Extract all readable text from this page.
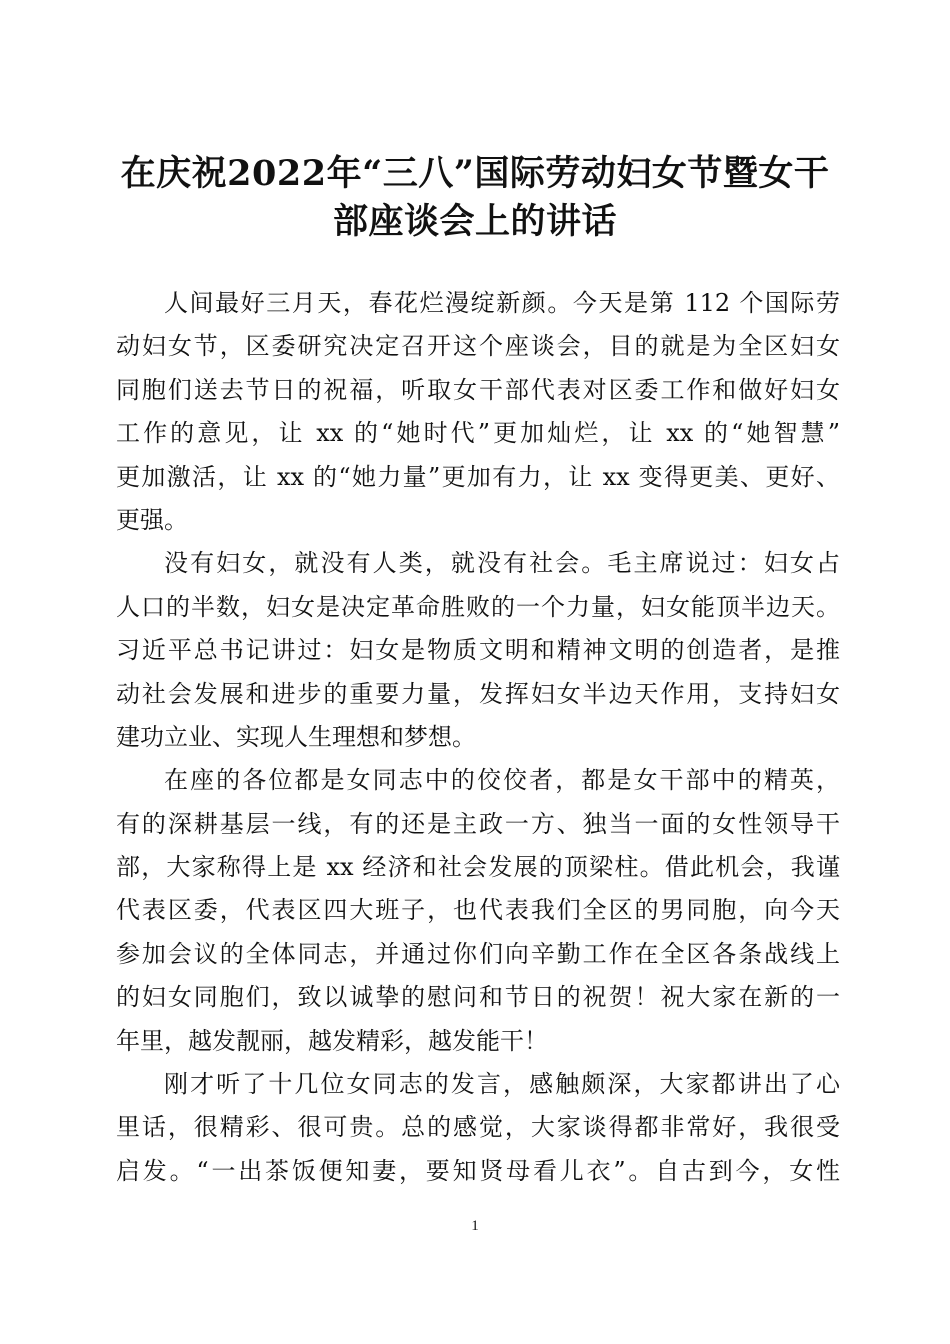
在庆祝2022年“三八”国际劳动妇女节暨女干
部座谈会上的讲话
人间最好三月天，春花烂漫绽新颜。今天是第 112 个国际劳
动妇女节，区委研究决定召开这个座谈会，目的就是为全区妇女
同胞们送去节日的祝福，听取女干部代表对区委工作和做好妇女
工作的意见，让 xx 的“她时代”更加灿烂，让 xx 的“她智慧”
更加激活，让 xx 的“她力量”更加有力，让 xx 变得更美、更好、
更强。
没有妇女，就没有人类，就没有社会。毛主席说过：妇女占
人口的半数，妇女是决定革命胜败的一个力量，妇女能顶半边天。
习近平总书记讲过：妇女是物质文明和精神文明的创造者，是推
动社会发展和进步的重要力量，发挥妇女半边天作用，支持妇女
建功立业、实现人生理想和梦想。
在座的各位都是女同志中的佼佼者，都是女干部中的精英，
有的深耕基层一线，有的还是主政一方、独当一面的女性领导干
部，大家称得上是 xx 经济和社会发展的顶梁柱。借此机会，我谨
代表区委，代表区四大班子，也代表我们全区的男同胞，向今天
参加会议的全体同志，并通过你们向辛勤工作在全区各条战线上
的妇女同胞们，致以诚挚的慰问和节日的祝贺！祝大家在新的一
年里，越发靓丽，越发精彩，越发能干！
刚才听了十几位女同志的发言，感触颇深，大家都讲出了心
里话，很精彩、很可贵。总的感觉，大家谈得都非常好，我很受
启发。“一出茶饭便知妻，要知贤母看儿衣”。自古到今，女性
1
